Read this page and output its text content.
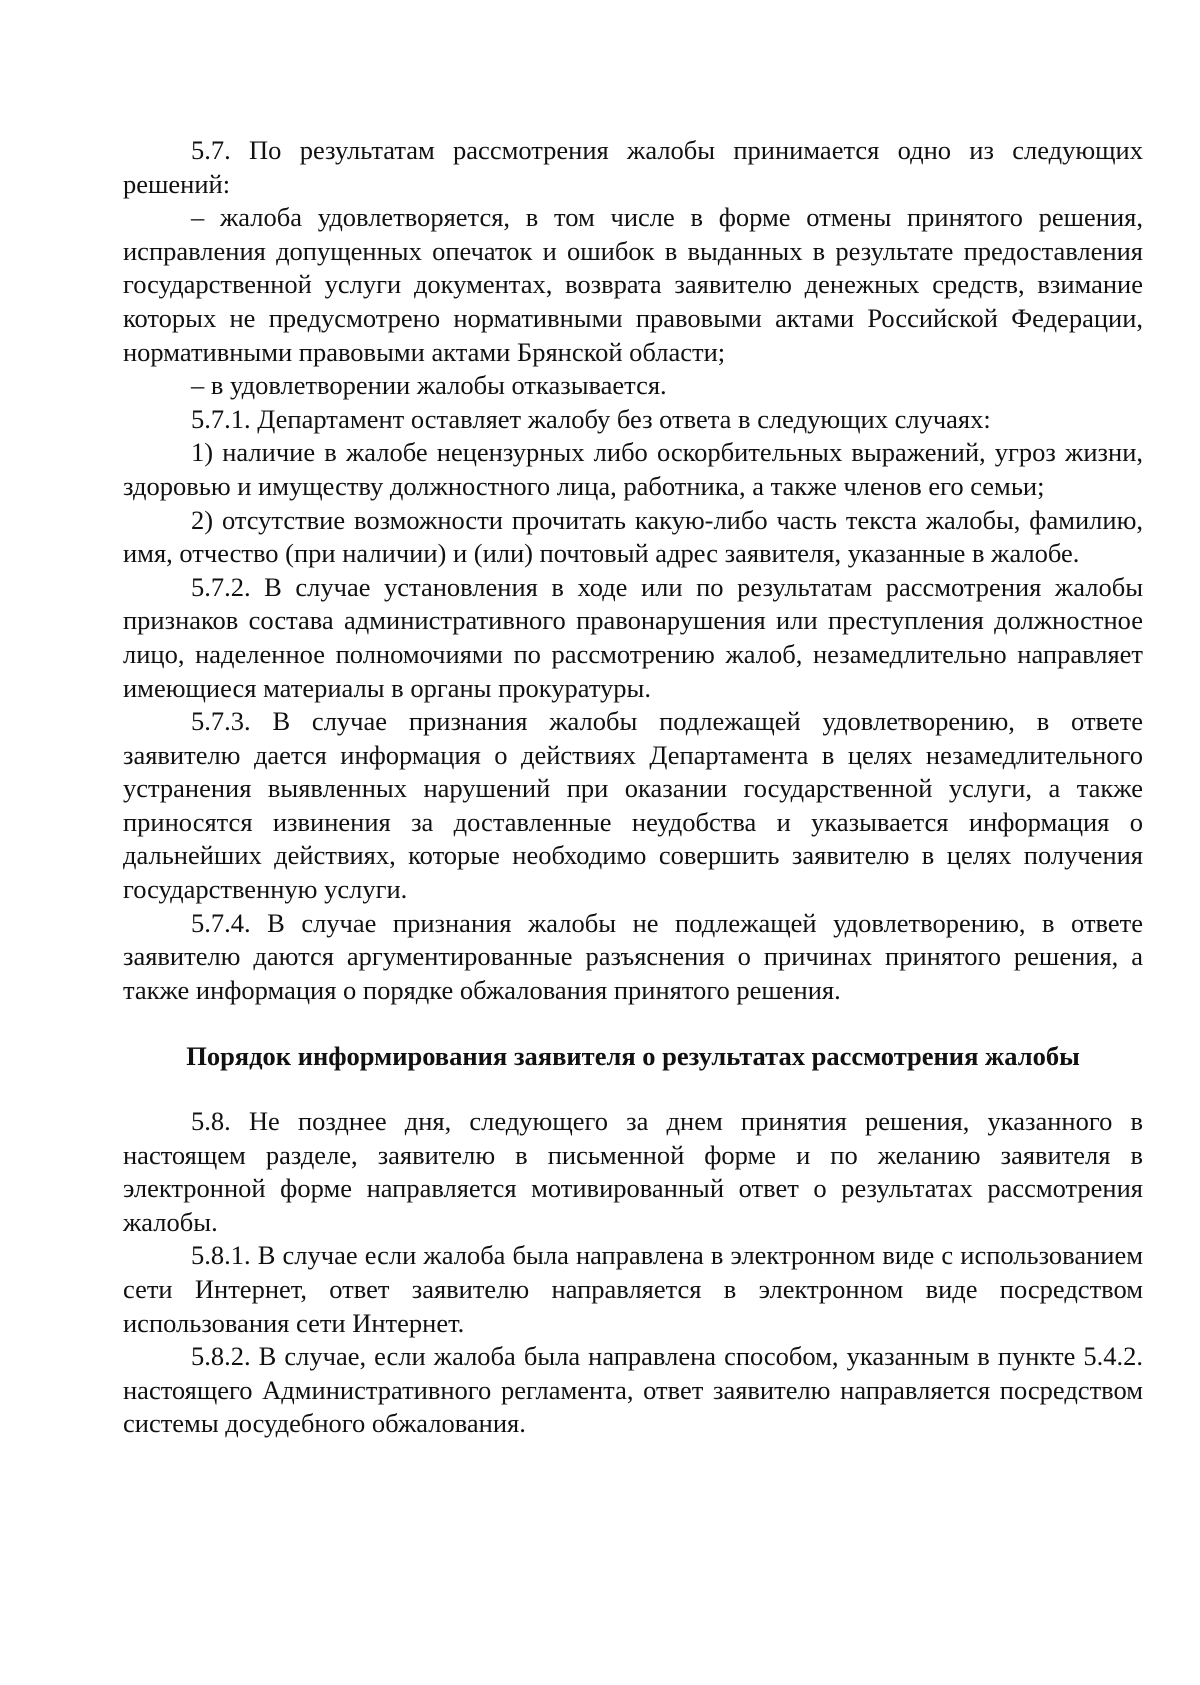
5.7. По результатам рассмотрения жалобы принимается одно из следующих решений:

– жалоба удовлетворяется, в том числе в форме отмены принятого решения, исправления допущенных опечаток и ошибок в выданных в результате предоставления государственной услуги документах, возврата заявителю денежных средств, взимание которых не предусмотрено нормативными правовыми актами Российской Федерации, нормативными правовыми актами Брянской области;

– в удовлетворении жалобы отказывается.

5.7.1. Департамент оставляет жалобу без ответа в следующих случаях:

1) наличие в жалобе нецензурных либо оскорбительных выражений, угроз жизни, здоровью и имуществу должностного лица, работника, а также членов его семьи;

2) отсутствие возможности прочитать какую-либо часть текста жалобы, фамилию, имя, отчество (при наличии) и (или) почтовый адрес заявителя, указанные в жалобе.

5.7.2. В случае установления в ходе или по результатам рассмотрения жалобы признаков состава административного правонарушения или преступления должностное лицо, наделенное полномочиями по рассмотрению жалоб, незамедлительно направляет имеющиеся материалы в органы прокуратуры.

5.7.3. В случае признания жалобы подлежащей удовлетворению, в ответе заявителю дается информация о действиях Департамента в целях незамедлительного устранения выявленных нарушений при оказании государственной услуги, а также приносятся извинения за доставленные неудобства и указывается информация о дальнейших действиях, которые необходимо совершить заявителю в целях получения государственную услуги.

5.7.4. В случае признания жалобы не подлежащей удовлетворению, в ответе заявителю даются аргументированные разъяснения о причинах принятого решения, а также информация о порядке обжалования принятого решения.

Порядок информирования заявителя о результатах рассмотрения жалобы

5.8. Не позднее дня, следующего за днем принятия решения, указанного в настоящем разделе, заявителю в письменной форме и по желанию заявителя в электронной форме направляется мотивированный ответ о результатах рассмотрения жалобы.

5.8.1. В случае если жалоба была направлена в электронном виде с использованием сети Интернет, ответ заявителю направляется в электронном виде посредством использования сети Интернет.

5.8.2. В случае, если жалоба была направлена способом, указанным в пункте 5.4.2. настоящего Административного регламента, ответ заявителю направляется посредством системы досудебного обжалования.
